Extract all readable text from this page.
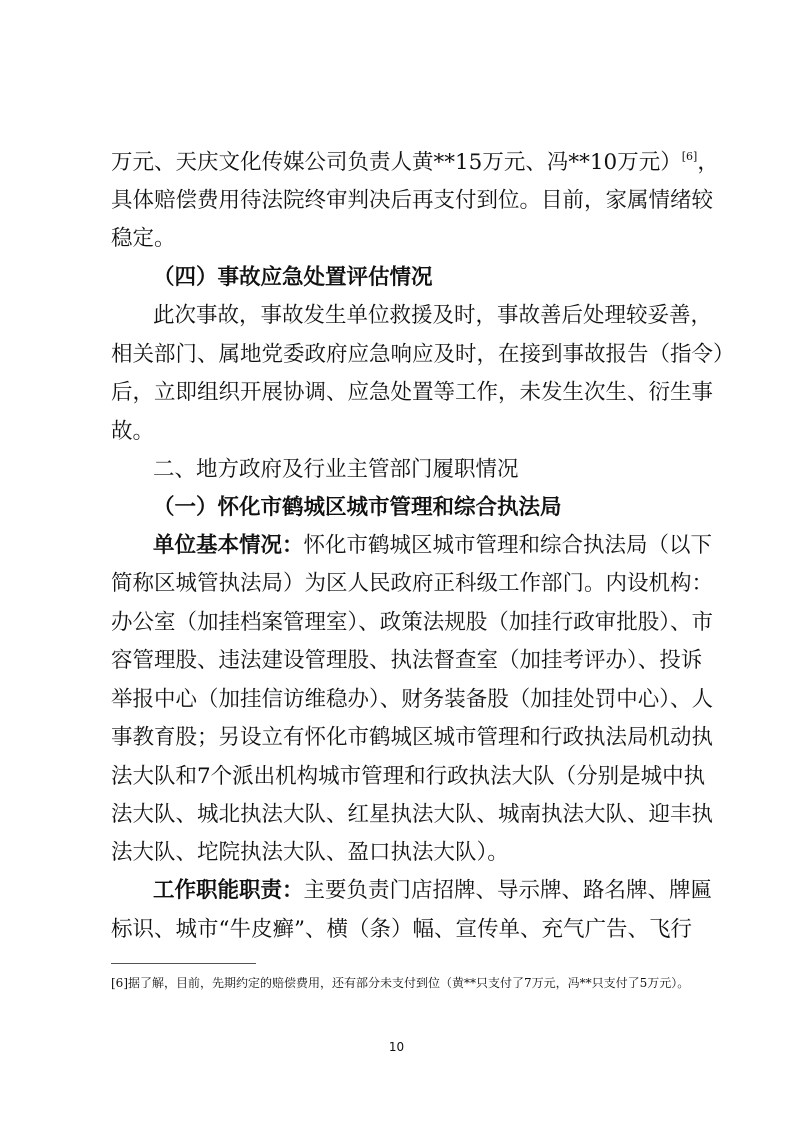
万元、天庆文化传媒公司负责人黄**15万元、冯**10万元）[6]，
具体赔偿费用待法院终审判决后再支付到位。目前，家属情绪较
稳定。
（四）事故应急处置评估情况
此次事故，事故发生单位救援及时，事故善后处理较妥善，
相关部门、属地党委政府应急响应及时，在接到事故报告（指令）
后，立即组织开展协调、应急处置等工作，未发生次生、衍生事
故。
二、地方政府及行业主管部门履职情况
（一）怀化市鹤城区城市管理和综合执法局
单位基本情况：怀化市鹤城区城市管理和综合执法局（以下
简称区城管执法局）为区人民政府正科级工作部门。内设机构：
办公室（加挂档案管理室）、政策法规股（加挂行政审批股）、市
容管理股、违法建设管理股、执法督查室（加挂考评办）、投诉
举报中心（加挂信访维稳办）、财务装备股（加挂处罚中心）、人
事教育股；另设立有怀化市鹤城区城市管理和行政执法局机动执
法大队和7个派出机构城市管理和行政执法大队（分别是城中执
法大队、城北执法大队、红星执法大队、城南执法大队、迎丰执
法大队、坨院执法大队、盈口执法大队）。
工作职能职责：主要负责门店招牌、导示牌、路名牌、牌匾
标识、城市“牛皮癣”、横（条）幅、宣传单、充气广告、飞行
[6]据了解，目前，先期约定的赔偿费用，还有部分未支付到位（黄**只支付了7万元，冯**只支付了5万元）。
10
